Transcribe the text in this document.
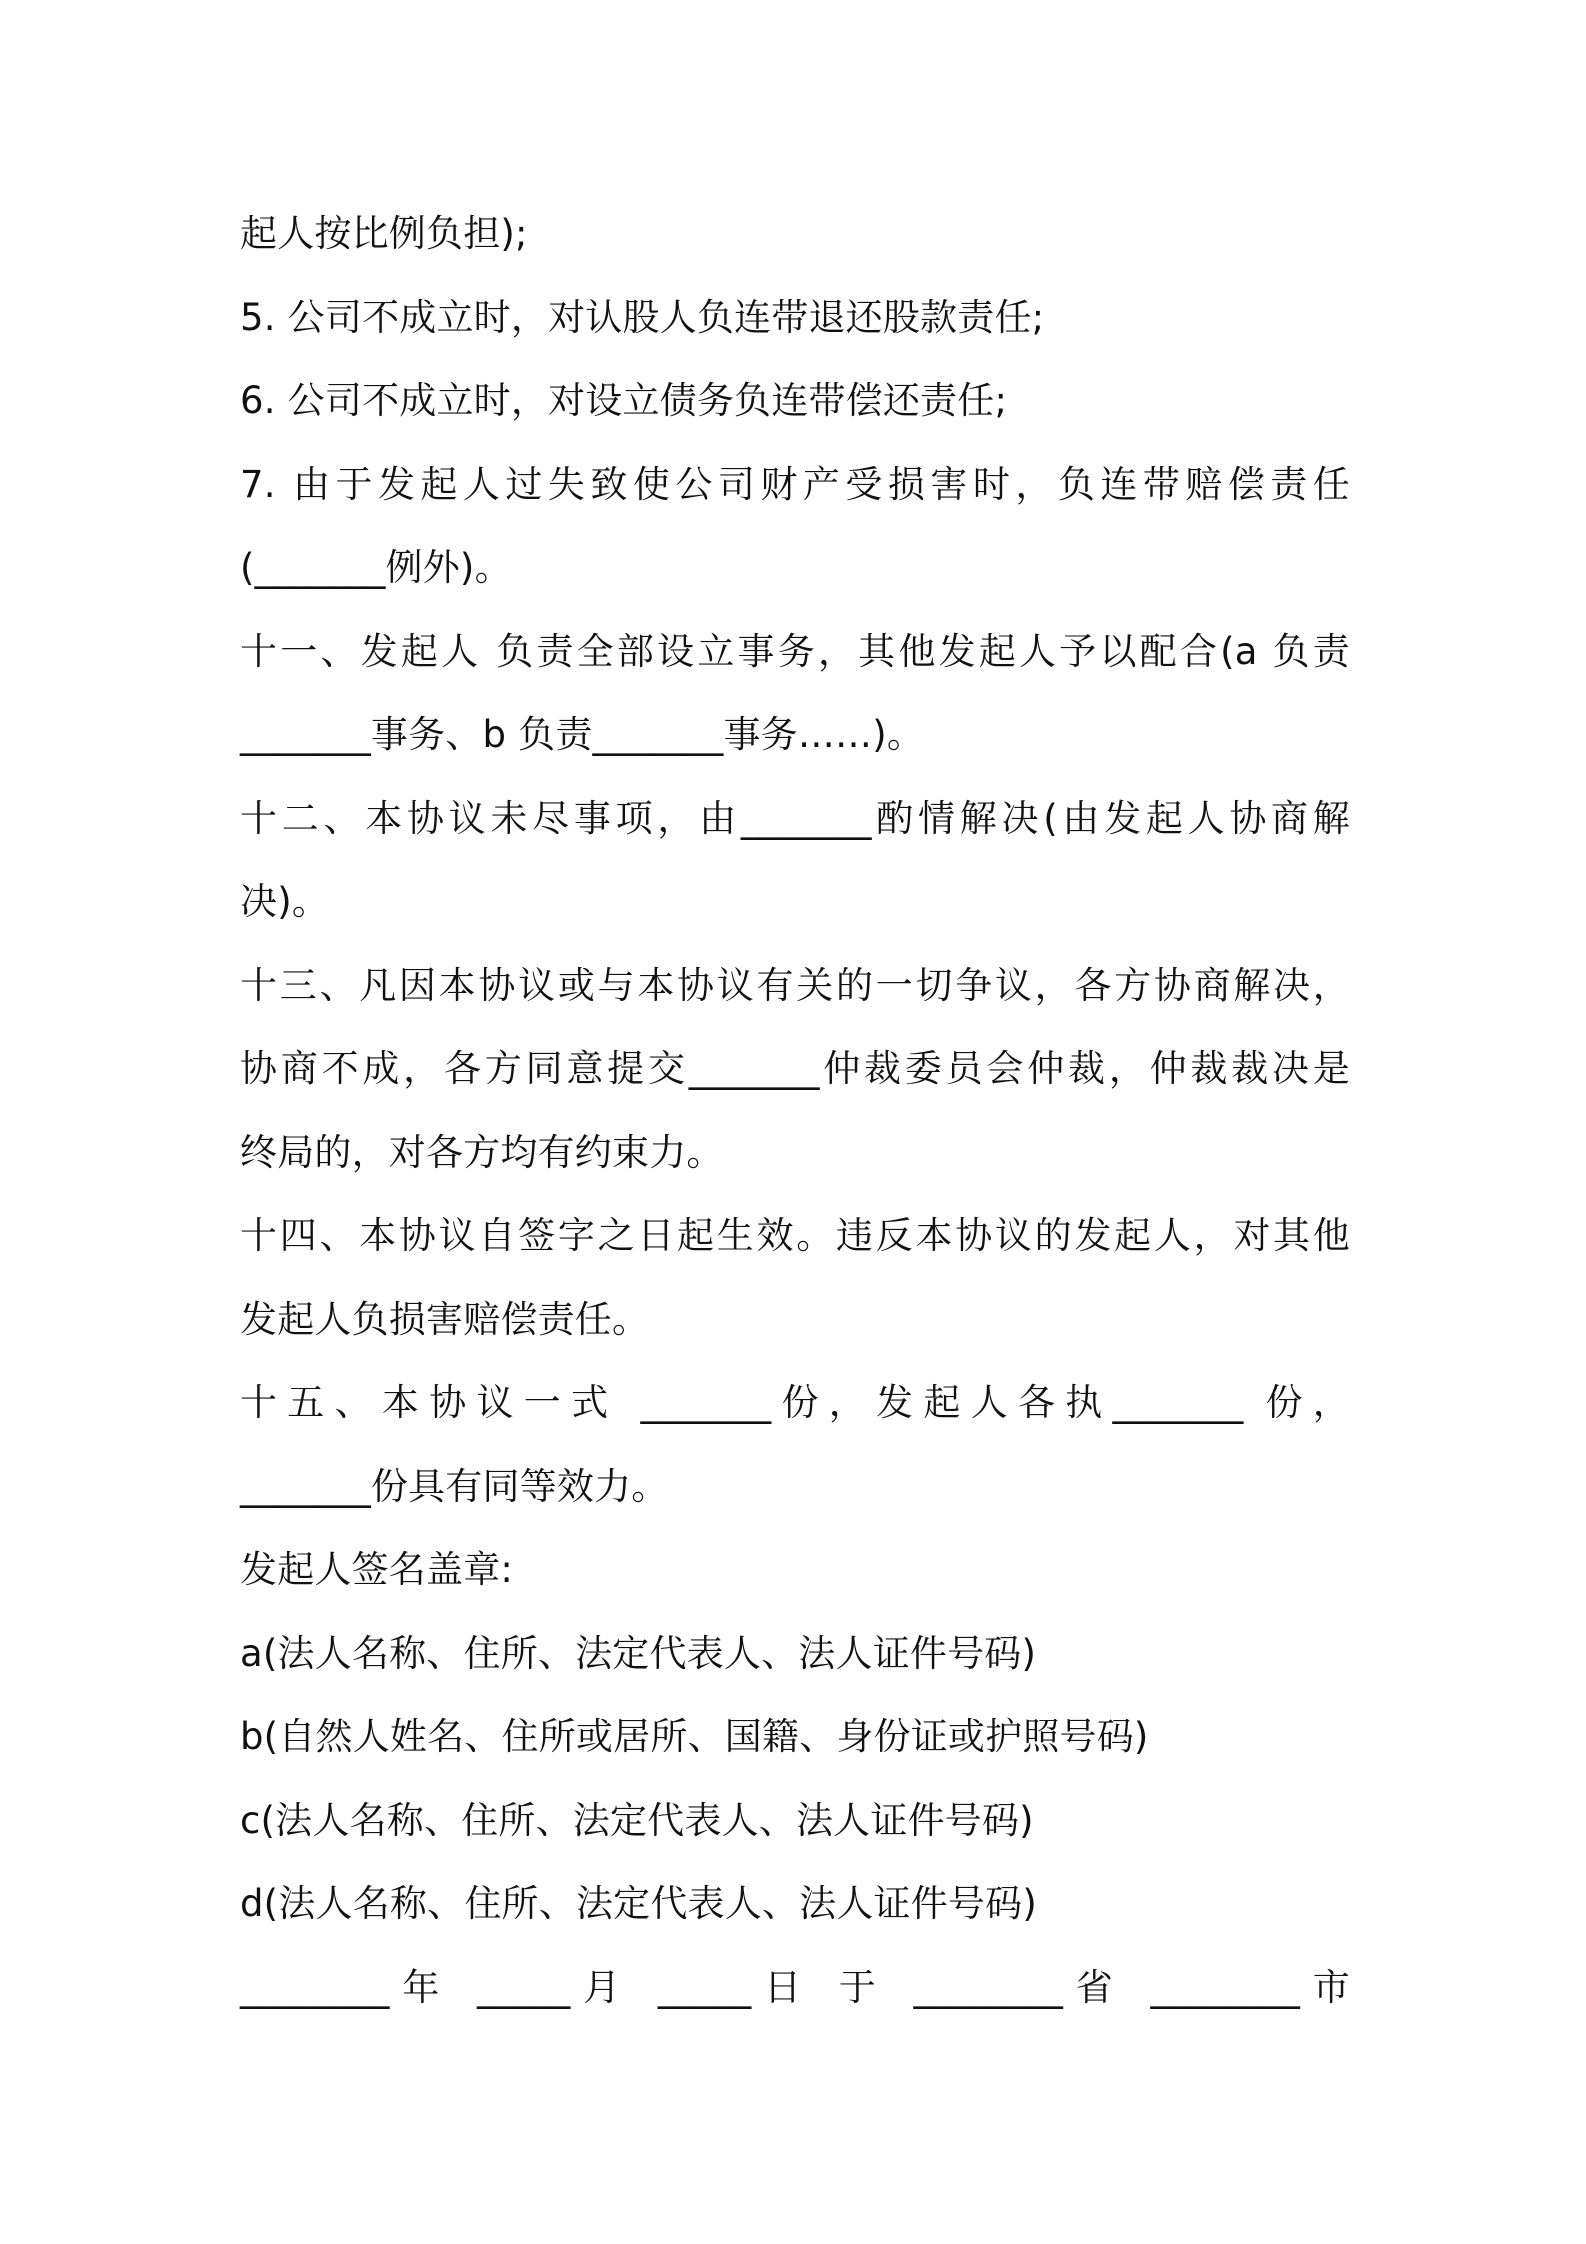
起人按比例负担);
5. 公司不成立时，对认股人负连带退还股款责任;
6. 公司不成立时，对设立债务负连带偿还责任;
7. 由于发起人过失致使公司财产受损害时，负连带赔偿责任
(_______例外)。
十一、发起人 负责全部设立事务，其他发起人予以配合(a 负责
_______事务、b 负责_______事务……)。
十二、本协议未尽事项，由_______酌情解决(由发起人协商解
决)。
十三、凡因本协议或与本协议有关的一切争议，各方协商解决，
协商不成，各方同意提交_______仲裁委员会仲裁，仲裁裁决是
终局的，对各方均有约束力。
十四、本协议自签字之日起生效。违反本协议的发起人，对其他
发起人负损害赔偿责任。
十五、本协议一式 _______份，发起人各执_______ 份，
_______份具有同等效力。
发起人签名盖章:
a(法人名称、住所、法定代表人、法人证件号码)
b(自然人姓名、住所或居所、国籍、身份证或护照号码)
c(法人名称、住所、法定代表人、法人证件号码)
d(法人名称、住所、法定代表人、法人证件号码)
________年 _____月 _____日 于 ________省 ________市
